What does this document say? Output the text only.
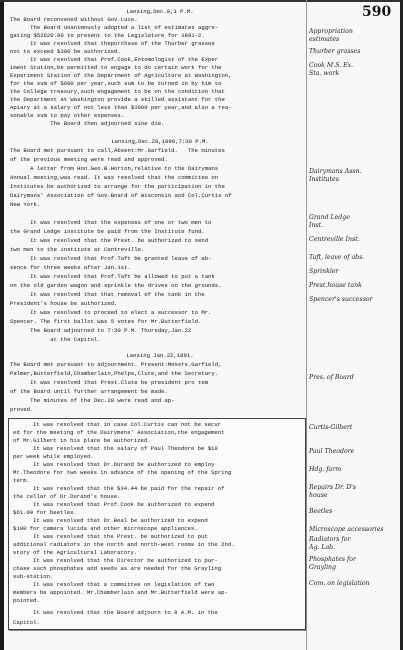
590
Lansing,Dec.9,1 P.M.
The Board reconvened without Gov.Luce.
The Board unanimously adopted a list of estimates aggre-
gating $52620.00 to present to the Legislature for 1891-2.
It was resolved that thepurchase of the Thurber grasses
not to exceed $300 be authorized.
It was resolved that Prof.Cook,Entomologist of the Exper
iment Station,be permitted to engage to do certain work for the
Experiment Station of the Department of Agriculture at Washington,
for the sum of $600 per year,such sum to be turned in by him to
the College treasury,such engagement to be on the condition that
the Department at Washington provide a skilled assistant for the
Apiary at a salary of not less than $1000 per year,and also a rea-
sonable sum to pay other expenses.
The Board then adjourned sine die.
Lansing,Dec.28,1890,7:30 P.M.
The Board met pursuant to call,Absent:Mr.Garfield.   The minutes
of the previous meeting were read and approved.
A letter from Hon.Geo.B.Horton,relative to the Dairymans
Annual meeting,was read. It was resolved that the committee on
Institutes be authorized to arrange for the participation in the
Dairymans' Association of Gov.Board of Wisconsin and Col.Curtis of
New York.
It was resolved that the expenses of one or two men to
the Grand Ledge institute be paid from the Institute fund.
It was resolved that the Prest. be authorized to send
two men to the institute at Centreville.
It was resolved that Prof.Taft be granted leave of ab-
sence for three weeks after Jan.1st.
It was resolved that Prof.Taft be allowed to put a tank
on the old garden wagon and sprinkle the drives on the grounds.
It was resolved that that removal of the tank in the
President's house be authorized.
It was resolved to proceed to elect a successor to Mr.
Spencer. The first ballot was 5 votes for Mr.Butterfield.
The Board adjourned to 7:30 P.M. Thursday,Jan.22
at the Capitol.
Lansing Jan.22,1891.
The Board met pursuant to adjournment. Present:Messrs.Garfield,
Palmer,Butterfield,Chamberlain,Phelps,Clute,and the Secretary.
It was resolved that Prest.Clute be president pro tem
of the Board until further arrangement be made.
The minutes of the Dec.28 were read and ap-
proved.
It was resolved that in case Col.Curtis can not be secur
ed for the meeting of the Dairymens' Association,the engagement
of Mr.Gilbert in his place be authorized.
It was resolved that the salary of Paul Theodore be $10
per week while employed.
It was resolved that Dr.Durand be authorized to employ
Mr.Theodore for two weeks in advance of the opening of the Spring
term.
It was resolved that the $34.44 be paid for the repair of
the cellar of Dr.Durand's house.
It was resolved that Prof.Cook be authorized to expend
$61.00 for beetles.
It was resolved that Dr.Beal be authorized to expend
$100 for camera lucida and other microscope appliances.
It was resolved that the Prest. be authorized to put
additional radiators in the north and north-west rooms in the 2nd.
story of the Agricultural Laboratory.
It was resolved that the Director be authorized to pur-
chase such phosphates and seeds as are needed for the Grayling
sub-station.
It was resolved that a committee on legislation of two
members be appointed. Mr.Chamberlain and Mr.Butterfield were ap-
pointed.
It was resolved that the Board adjourn to 8 A.M. in the
Capitol.
Appropriation
estimates
Thurber grasses
Cook M.S. Ex.
Sta. work
Dairymans Assn.
Institutes
Grand Ledge
Inst.
Centreville Inst.
Taft, leave of abs.
Sprinkler
Prest.house tank
Spencer's successor
Pres. of Board
Curtis-Gilbert
Paul Theodore
Hdg. farm
Repairs Dr. D's
house
Beetles
Microscope accessories
Radiators for
Ag. Lab.
Phosphates for
Grayling
Com. on legislation
